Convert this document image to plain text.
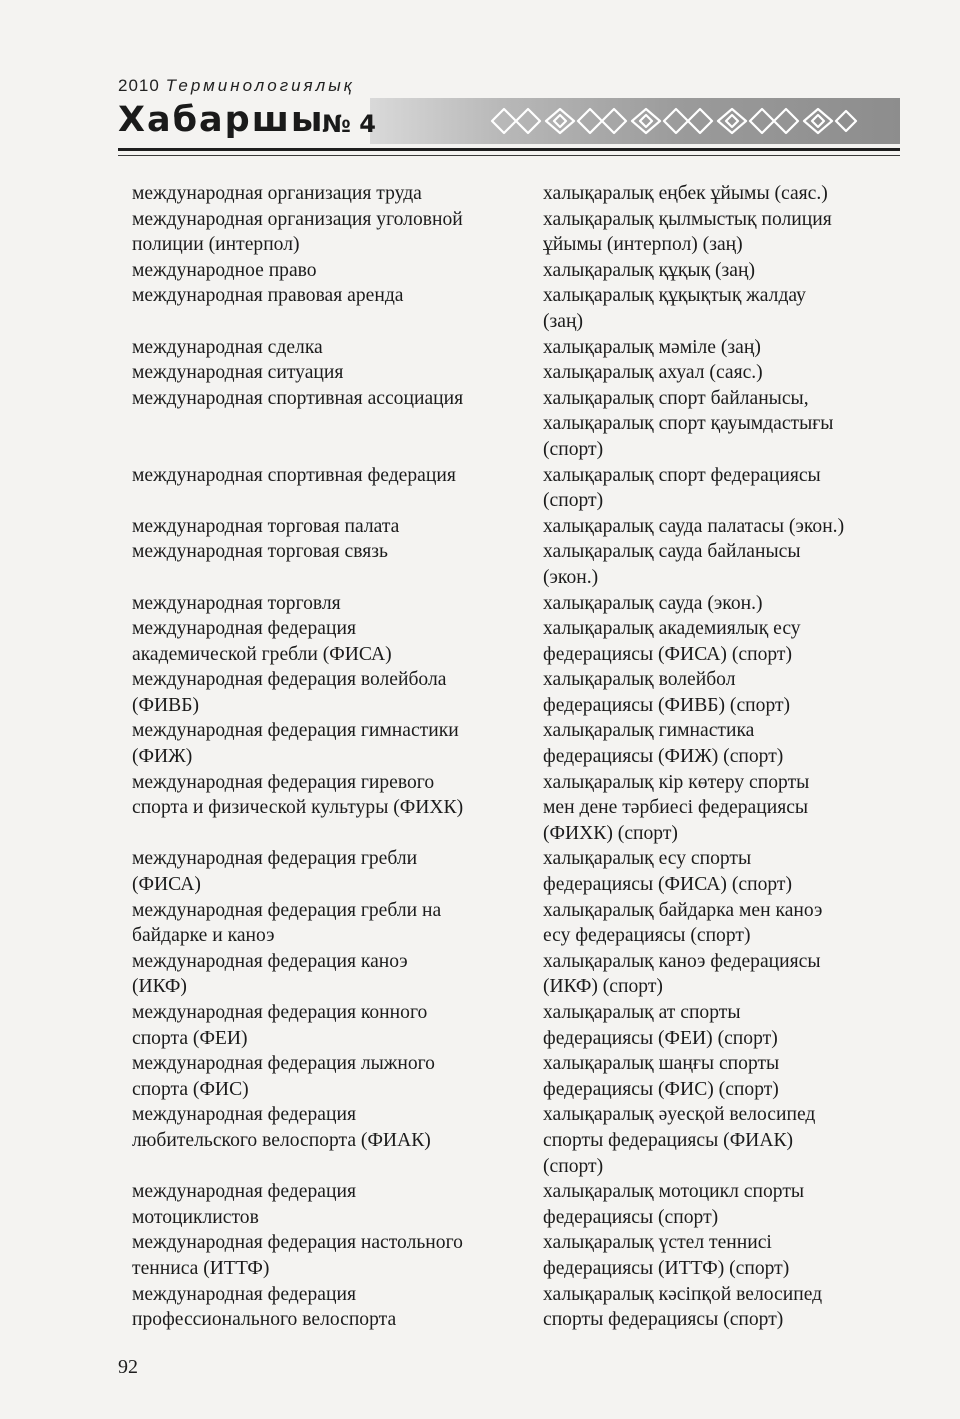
2010 Терминологиялық
Хабаршы
№ 4

международная организация труда

международная организация уголовной
полиции (интерпол)

международное право

международная правовая аренда

международная сделка

международная ситуация

международная спортивная ассоциация

международная спортивная федерация

международная торговая палата

международная торговая связь

международная торговля

международная федерация
академической гребли (ФИСА)

международная федерация волейбола
(ФИВБ)

международная федерация гимнастики
(ФИЖ)

международная федерация гиревого
спорта и физической культуры (ФИХК)

международная федерация гребли
(ФИСА)

международная федерация гребли на
байдарке и каноэ

международная федерация каноэ
(ИКФ)

международная федерация конного
спорта (ФЕИ)

международная федерация лыжного
спорта (ФИС)

международная федерация
любительского велоспорта (ФИАК)

международная федерация
мотоциклистов

международная федерация настольного
тенниса (ИТТФ)

международная федерация
профессионального велоспорта

халықаралық еңбек ұйымы (саяс.)

халықаралық қылмыстық полиция
ұйымы (интерпол) (заң)

халықаралық құқық (заң)

халықаралық құқықтық жалдау
(заң)

халықаралық мәміле (заң)

халықаралық ахуал (саяс.)

халықаралық спорт байланысы,
халықаралық спорт қауымдастығы
(спорт)

халықаралық спорт федерациясы
(спорт)

халықаралық сауда палатасы (экон.)

халықаралық сауда байланысы
(экон.)

халықаралық сауда (экон.)

халықаралық академиялық есу
федерациясы (ФИСА) (спорт)

халықаралық волейбол
федерациясы (ФИВБ) (спорт)

халықаралық гимнастика
федерациясы (ФИЖ) (спорт)

халықаралық кір көтеру спорты
мен дене тәрбиесі федерациясы
(ФИХК) (спорт)

халықаралық есу спорты
федерациясы (ФИСА) (спорт)

халықаралық байдарка мен каноэ
есу федерациясы (спорт)

халықаралық каноэ федерациясы
(ИКФ) (спорт)

халықаралық ат спорты
федерациясы (ФЕИ) (спорт)

халықаралық шаңғы спорты
федерациясы (ФИС) (спорт)

халықаралық әуесқой велосипед
спорты федерациясы (ФИАК)
(спорт)

халықаралық мотоцикл спорты
федерациясы (спорт)

халықаралық үстел теннисі
федерациясы (ИТТФ) (спорт)

халықаралық кәсіпқой велосипед
спорты федерациясы (спорт)

92
